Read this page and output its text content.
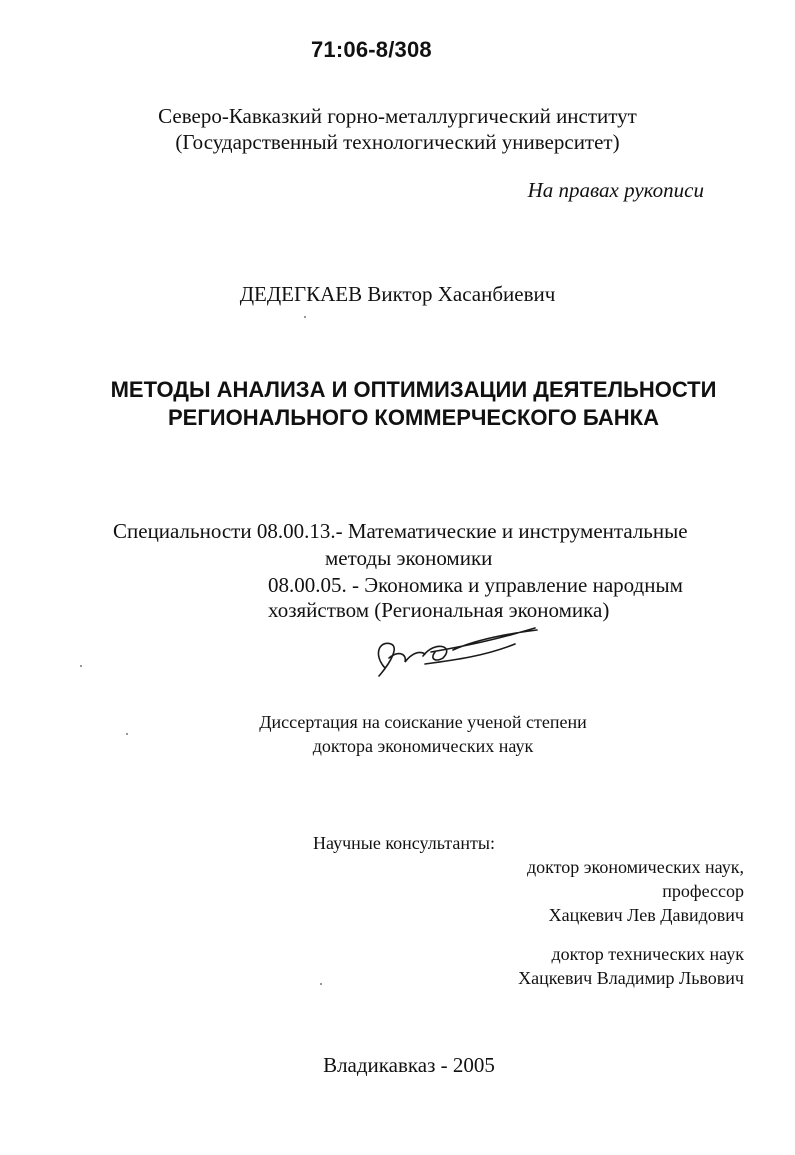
71:06-8/308
Северо-Кавказкий горно-металлургический институт
(Государственный технологический университет)
На правах рукописи
ДЕДЕГКАЕВ Виктор Хасанбиевич
МЕТОДЫ АНАЛИЗА И ОПТИМИЗАЦИИ ДЕЯТЕЛЬНОСТИ
РЕГИОНАЛЬНОГО КОММЕРЧЕСКОГО БАНКА
Специальности 08.00.13.- Математические и инструментальные
методы экономики
08.00.05. - Экономика и управление народным
хозяйством (Региональная экономика)
Диссертация на соискание ученой степени
доктора экономических наук
Научные консультанты:
доктор экономических наук,
профессор
Хацкевич Лев Давидович
доктор технических наук
Хацкевич Владимир Львович
Владикавказ - 2005
